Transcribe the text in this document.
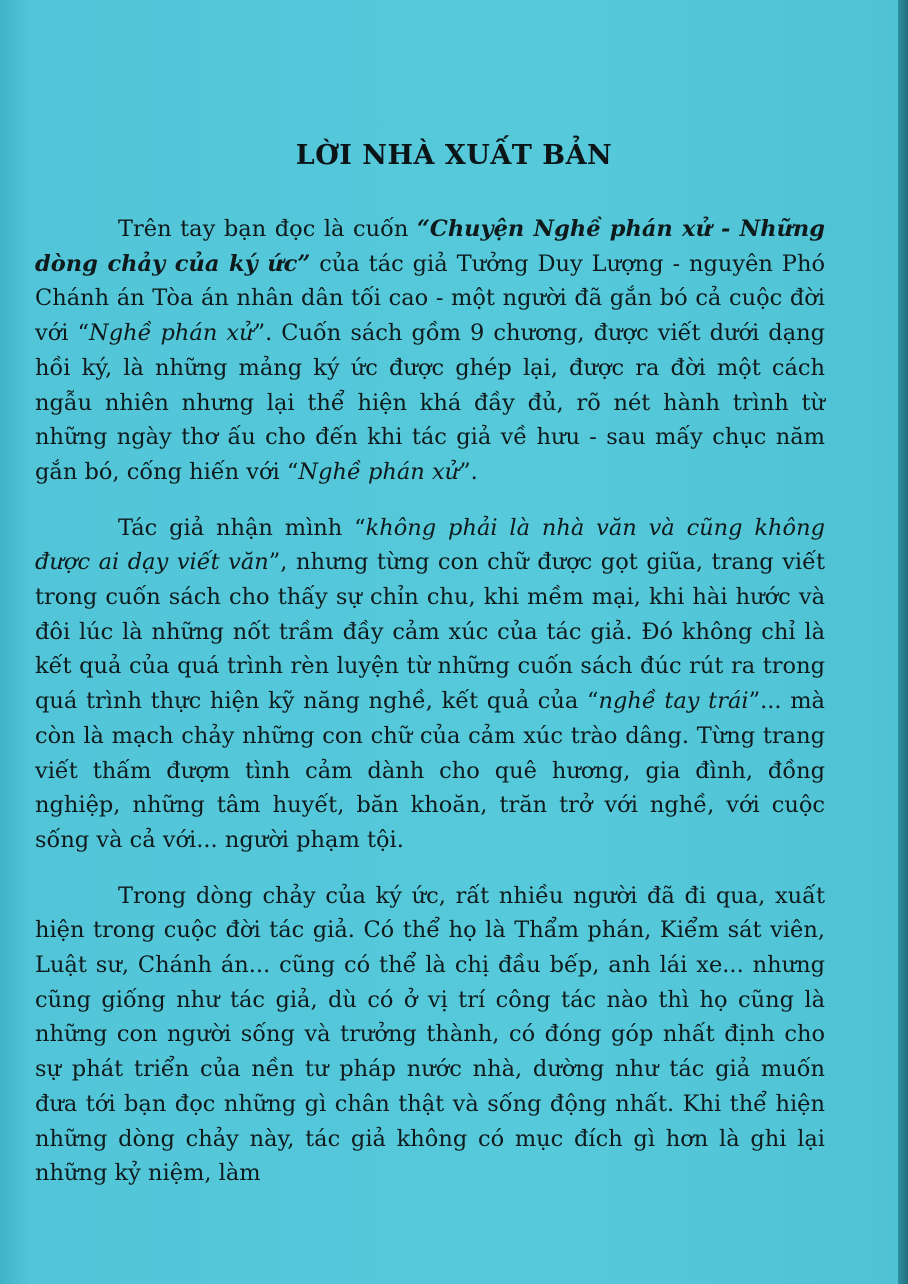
LỜI NHÀ XUẤT BẢN

Trên tay bạn đọc là cuốn “Chuyện Nghề phán xử - Những dòng chảy của ký ức” của tác giả Tưởng Duy Lượng - nguyên Phó Chánh án Tòa án nhân dân tối cao - một người đã gắn bó cả cuộc đời với “Nghề phán xử”. Cuốn sách gồm 9 chương, được viết dưới dạng hồi ký, là những mảng ký ức được ghép lại, được ra đời một cách ngẫu nhiên nhưng lại thể hiện khá đầy đủ, rõ nét hành trình từ những ngày thơ ấu cho đến khi tác giả về hưu - sau mấy chục năm gắn bó, cống hiến với “Nghề phán xử”.

Tác giả nhận mình “không phải là nhà văn và cũng không được ai dạy viết văn”, nhưng từng con chữ được gọt giũa, trang viết trong cuốn sách cho thấy sự chỉn chu, khi mềm mại, khi hài hước và đôi lúc là những nốt trầm đầy cảm xúc của tác giả. Đó không chỉ là kết quả của quá trình rèn luyện từ những cuốn sách đúc rút ra trong quá trình thực hiện kỹ năng nghề, kết quả của “nghề tay trái”... mà còn là mạch chảy những con chữ của cảm xúc trào dâng. Từng trang viết thấm đượm tình cảm dành cho quê hương, gia đình, đồng nghiệp, những tâm huyết, băn khoăn, trăn trở với nghề, với cuộc sống và cả với... người phạm tội.

Trong dòng chảy của ký ức, rất nhiều người đã đi qua, xuất hiện trong cuộc đời tác giả. Có thể họ là Thẩm phán, Kiểm sát viên, Luật sư, Chánh án... cũng có thể là chị đầu bếp, anh lái xe... nhưng cũng giống như tác giả, dù có ở vị trí công tác nào thì họ cũng là những con người sống và trưởng thành, có đóng góp nhất định cho sự phát triển của nền tư pháp nước nhà, dường như tác giả muốn đưa tới bạn đọc những gì chân thật và sống động nhất. Khi thể hiện những dòng chảy này, tác giả không có mục đích gì hơn là ghi lại những kỷ niệm, làm
